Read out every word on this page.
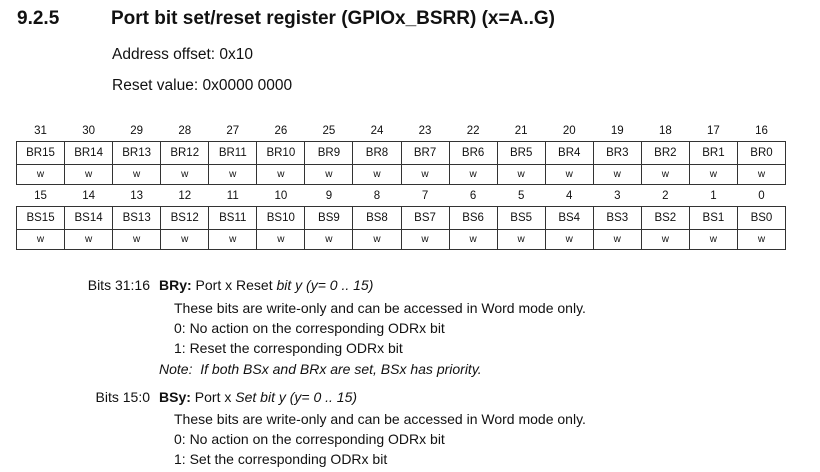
9.2.5	Port bit set/reset register (GPIOx_BSRR) (x=A..G)
Address offset: 0x10
Reset value: 0x0000 0000
31	30	29	28	27	26	25	24	23	22	21	20	19	18	17	16
BR15	BR14	BR13	BR12	BR11	BR10	BR9	BR8	BR7	BR6	BR5	BR4	BR3	BR2	BR1	BR0
w	w	w	w	w	w	w	w	w	w	w	w	w	w	w	w
15	14	13	12	11	10	9	8	7	6	5	4	3	2	1	0
BS15	BS14	BS13	BS12	BS11	BS10	BS9	BS8	BS7	BS6	BS5	BS4	BS3	BS2	BS1	BS0
w	w	w	w	w	w	w	w	w	w	w	w	w	w	w	w
Bits 31:16 BRy: Port x Reset bit y (y= 0 .. 15)
These bits are write-only and can be accessed in Word mode only.
0: No action on the corresponding ODRx bit
1: Reset the corresponding ODRx bit
Note: If both BSx and BRx are set, BSx has priority.
Bits 15:0 BSy: Port x Set bit y (y= 0 .. 15)
These bits are write-only and can be accessed in Word mode only.
0: No action on the corresponding ODRx bit
1: Set the corresponding ODRx bit
